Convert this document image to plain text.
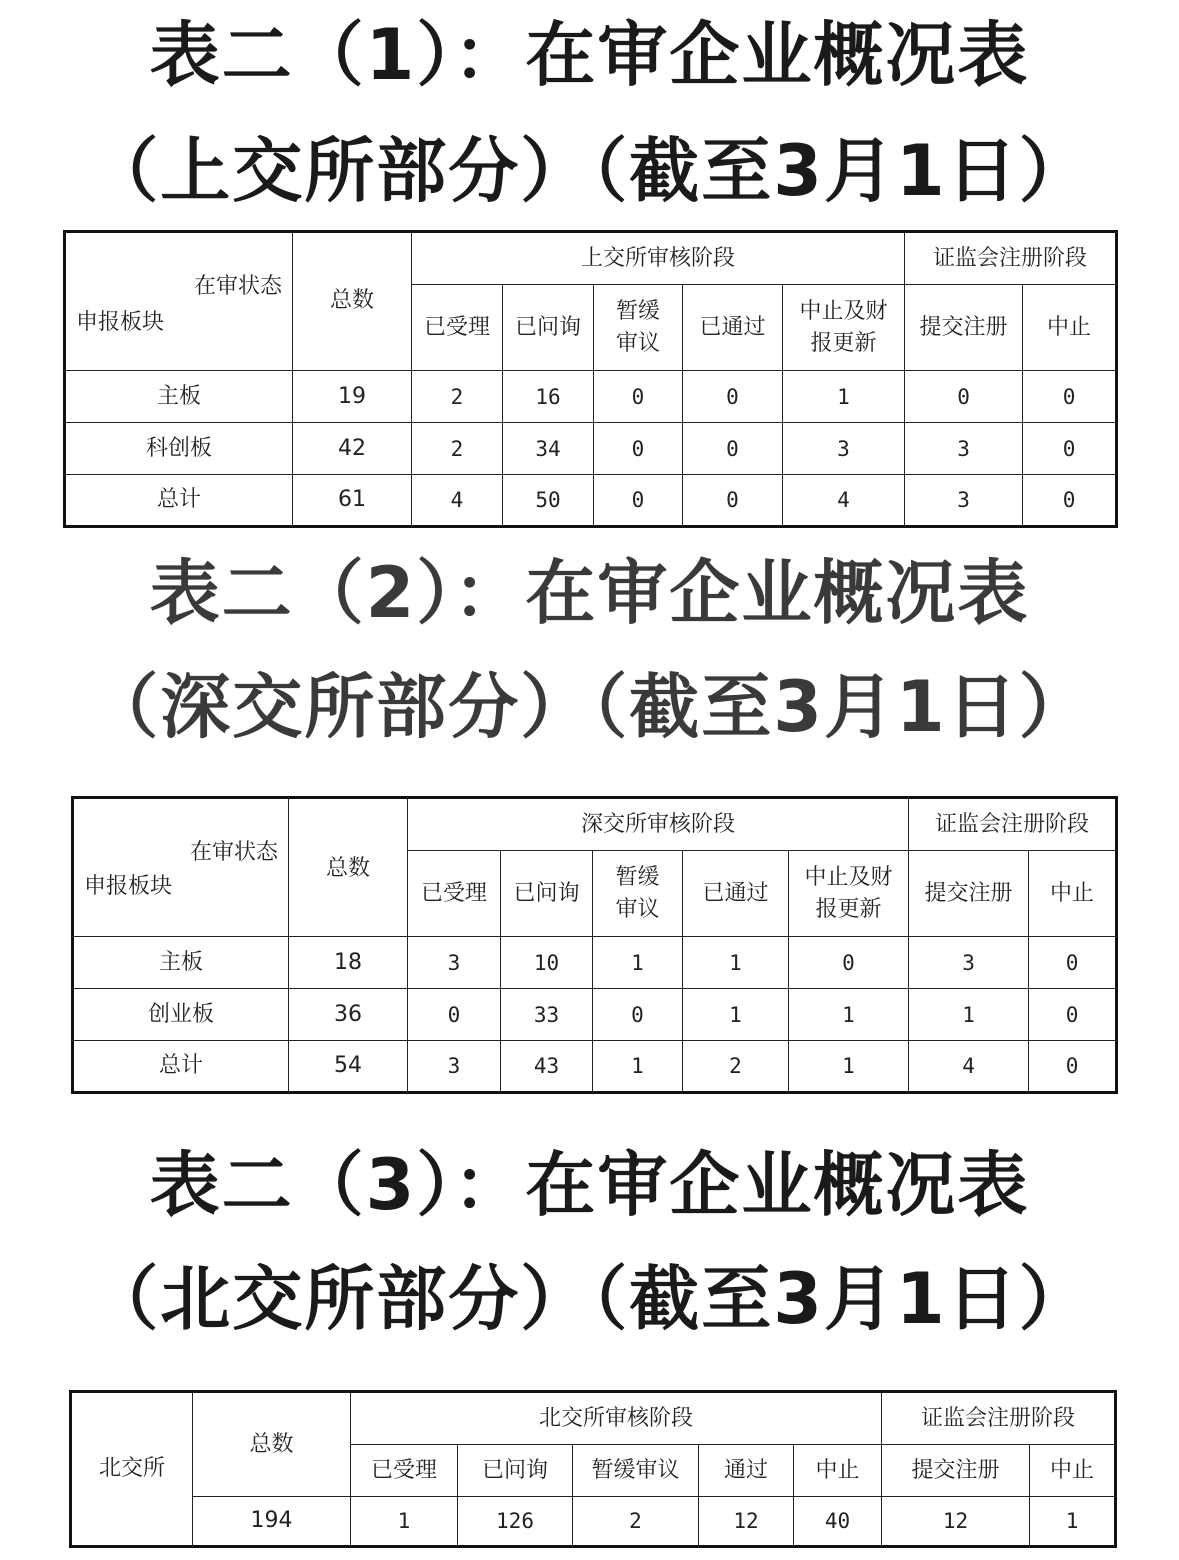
表二（1）：在审企业概况表
（上交所部分）（截至3月1日）
在审状态
申报板块	总数	上交所审核阶段					证监会注册阶段	
		已受理	已问询	暂缓审议	已通过	中止及财报更新	提交注册	中止
主板	19	2	16	0	0	1	0	0
科创板	42	2	34	0	0	3	3	0
总计	61	4	50	0	0	4	3	0
表二（2）：在审企业概况表
（深交所部分）（截至3月1日）
在审状态
申报板块	总数	深交所审核阶段					证监会注册阶段	
		已受理	已问询	暂缓审议	已通过	中止及财报更新	提交注册	中止
主板	18	3	10	1	1	0	3	0
创业板	36	0	33	0	1	1	1	0
总计	54	3	43	1	2	1	4	0
表二（3）：在审企业概况表
（北交所部分）（截至3月1日）
北交所	总数	北交所审核阶段					证监会注册阶段	
		已受理	已问询	暂缓审议	通过	中止	提交注册	中止
	194	1	126	2	12	40	12	1
